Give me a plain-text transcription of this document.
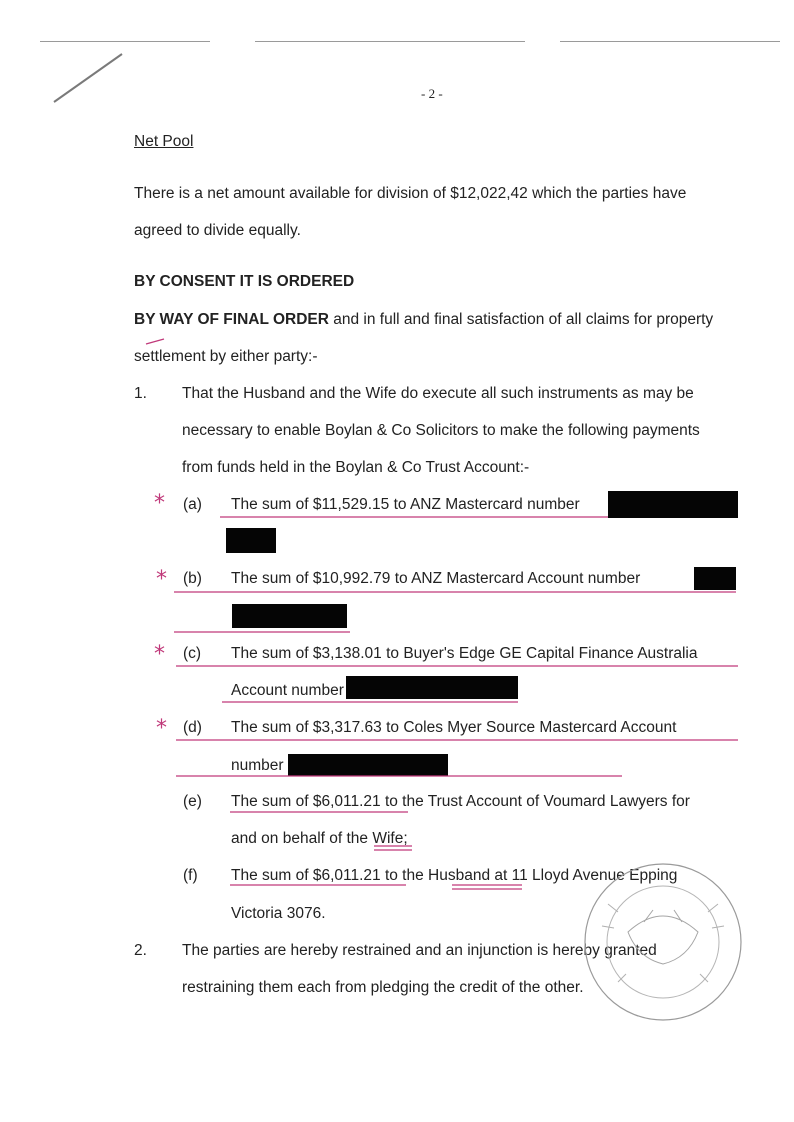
- 2 -
Net Pool
There is a net amount available for division of $12,022,42 which the parties have
agreed to divide equally.
BY CONSENT IT IS ORDERED
BY WAY OF FINAL ORDER and in full and final satisfaction of all claims for property
settlement by either party:-
1. That the Husband and the Wife do execute all such instruments as may be
necessary to enable Boylan & Co Solicitors to make the following payments
from funds held in the Boylan & Co Trust Account:-
* (a) The sum of $11,529.15 to ANZ Mastercard number
* (b) The sum of $10,992.79 to ANZ Mastercard Account number
* (c) The sum of $3,138.01 to Buyer's Edge GE Capital Finance Australia
Account number
* (d) The sum of $3,317.63 to Coles Myer Source Mastercard Account
number
(e) The sum of $6,011.21 to the Trust Account of Voumard Lawyers for
and on behalf of the Wife;
(f) The sum of $6,011.21 to the Husband at 11 Lloyd Avenue Epping
Victoria 3076.
2. The parties are hereby restrained and an injunction is hereby granted
restraining them each from pledging the credit of the other.
